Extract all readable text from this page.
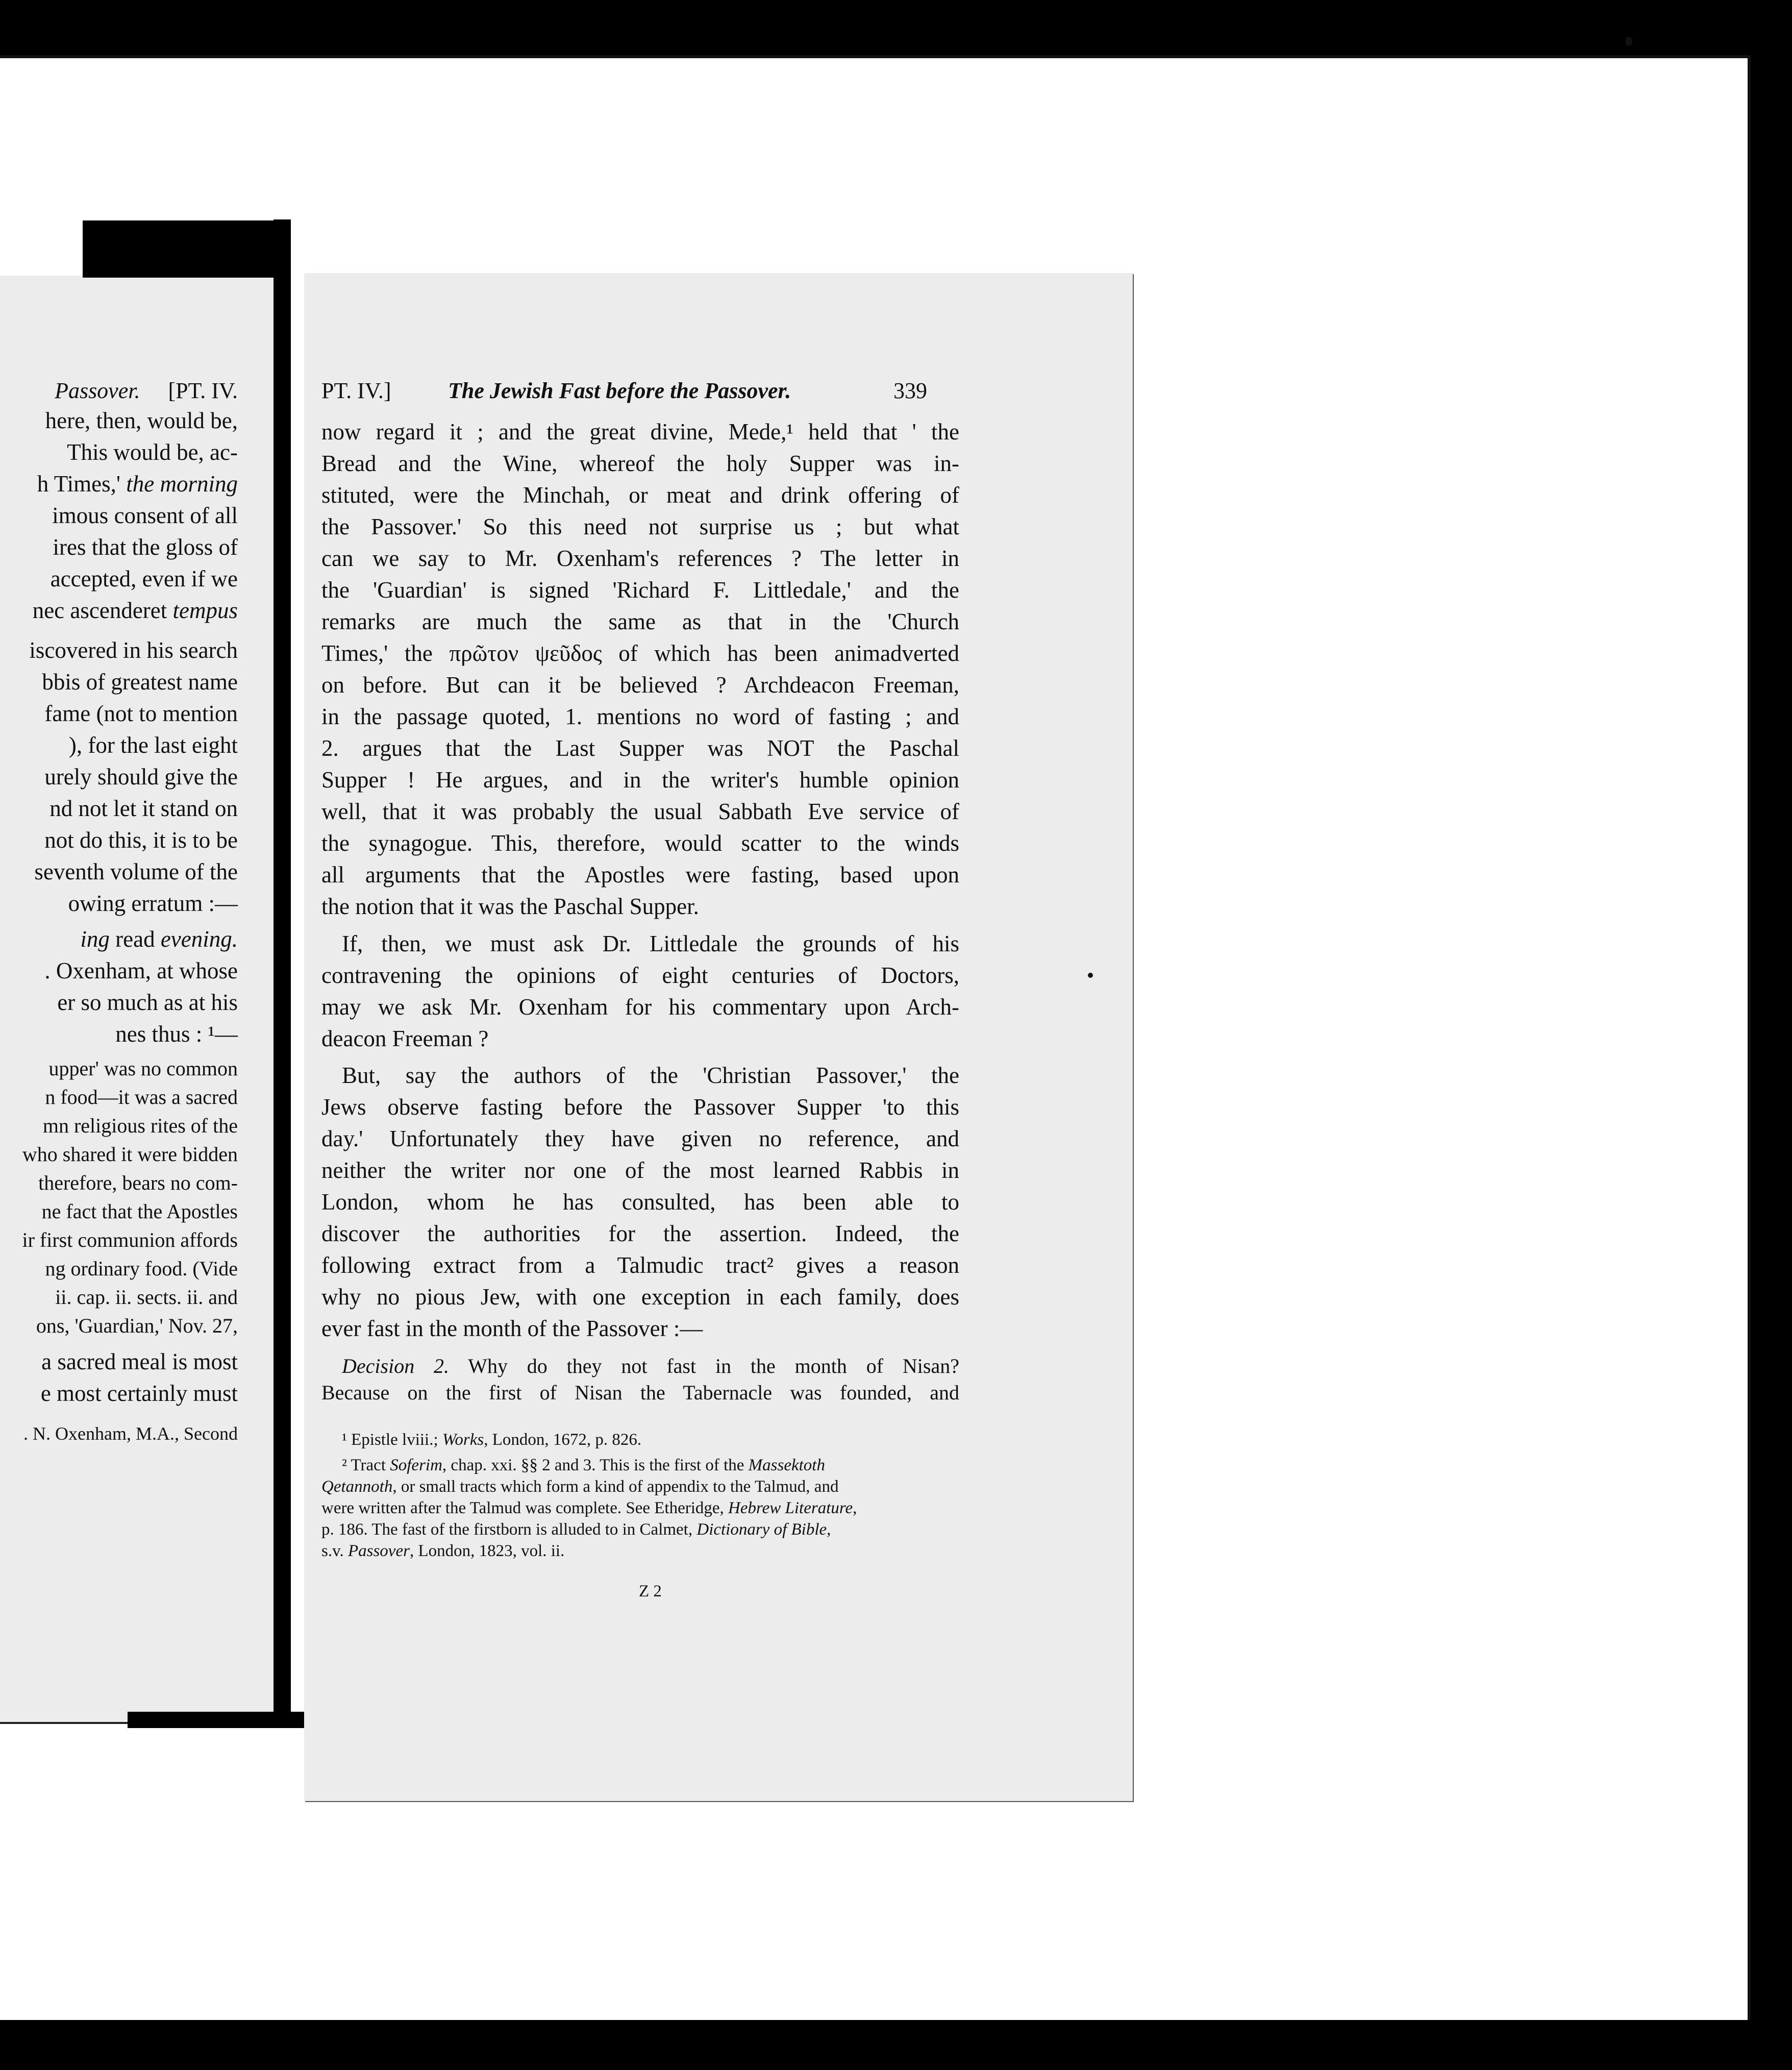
Passover. [PT. IV.
here, then, would be,
This would be, ac-
h Times,' the morning
imous consent of all
ires that the gloss of
accepted, even if we
nec ascenderet tempus
iscovered in his search
bbis of greatest name
fame (not to mention
), for the last eight
urely should give the
nd not let it stand on
not do this, it is to be
seventh volume of the
owing erratum :—
ing read evening.
. Oxenham, at whose
er so much as at his
nes thus : ¹—
upper' was no common
n food—it was a sacred
mn religious rites of the
who shared it were bidden
therefore, bears no com-
ne fact that the Apostles
ir first communion affords
ng ordinary food. (Vide
ii. cap. ii. sects. ii. and
ons, 'Guardian,' Nov. 27,
a sacred meal is most
e most certainly must
. N. Oxenham, M.A., Second
PT. IV.]	The Jewish Fast before the Passover.	339
now regard it ; and the great divine, Mede,¹ held that ' the
Bread and the Wine, whereof the holy Supper was in-
stituted, were the Minchah, or meat and drink offering of
the Passover.' So this need not surprise us ; but what
can we say to Mr. Oxenham's references ? The letter in
the 'Guardian' is signed 'Richard F. Littledale,' and the
remarks are much the same as that in the 'Church
Times,' the πρῶτον ψεῦδος of which has been animadverted
on before. But can it be believed ? Archdeacon Freeman,
in the passage quoted, 1. mentions no word of fasting ; and
2. argues that the Last Supper was NOT the Paschal
Supper ! He argues, and in the writer's humble opinion
well, that it was probably the usual Sabbath Eve service of
the synagogue. This, therefore, would scatter to the winds
all arguments that the Apostles were fasting, based upon
the notion that it was the Paschal Supper.
If, then, we must ask Dr. Littledale the grounds of his
contravening the opinions of eight centuries of Doctors,
may we ask Mr. Oxenham for his commentary upon Arch-
deacon Freeman ?
But, say the authors of the 'Christian Passover,' the
Jews observe fasting before the Passover Supper 'to this
day.' Unfortunately they have given no reference, and
neither the writer nor one of the most learned Rabbis in
London, whom he has consulted, has been able to
discover the authorities for the assertion. Indeed, the
following extract from a Talmudic tract² gives a reason
why no pious Jew, with one exception in each family, does
ever fast in the month of the Passover :—
Decision 2. Why do they not fast in the month of Nisan?
Because on the first of Nisan the Tabernacle was founded, and
¹ Epistle lviii.; Works, London, 1672, p. 826.
² Tract Soferim, chap. xxi. §§ 2 and 3. This is the first of the Massektoth
Qetannoth, or small tracts which form a kind of appendix to the Talmud, and
were written after the Talmud was complete. See Etheridge, Hebrew Literature,
p. 186. The fast of the firstborn is alluded to in Calmet, Dictionary of Bible,
s.v. Passover, London, 1823, vol. ii.
Z 2
